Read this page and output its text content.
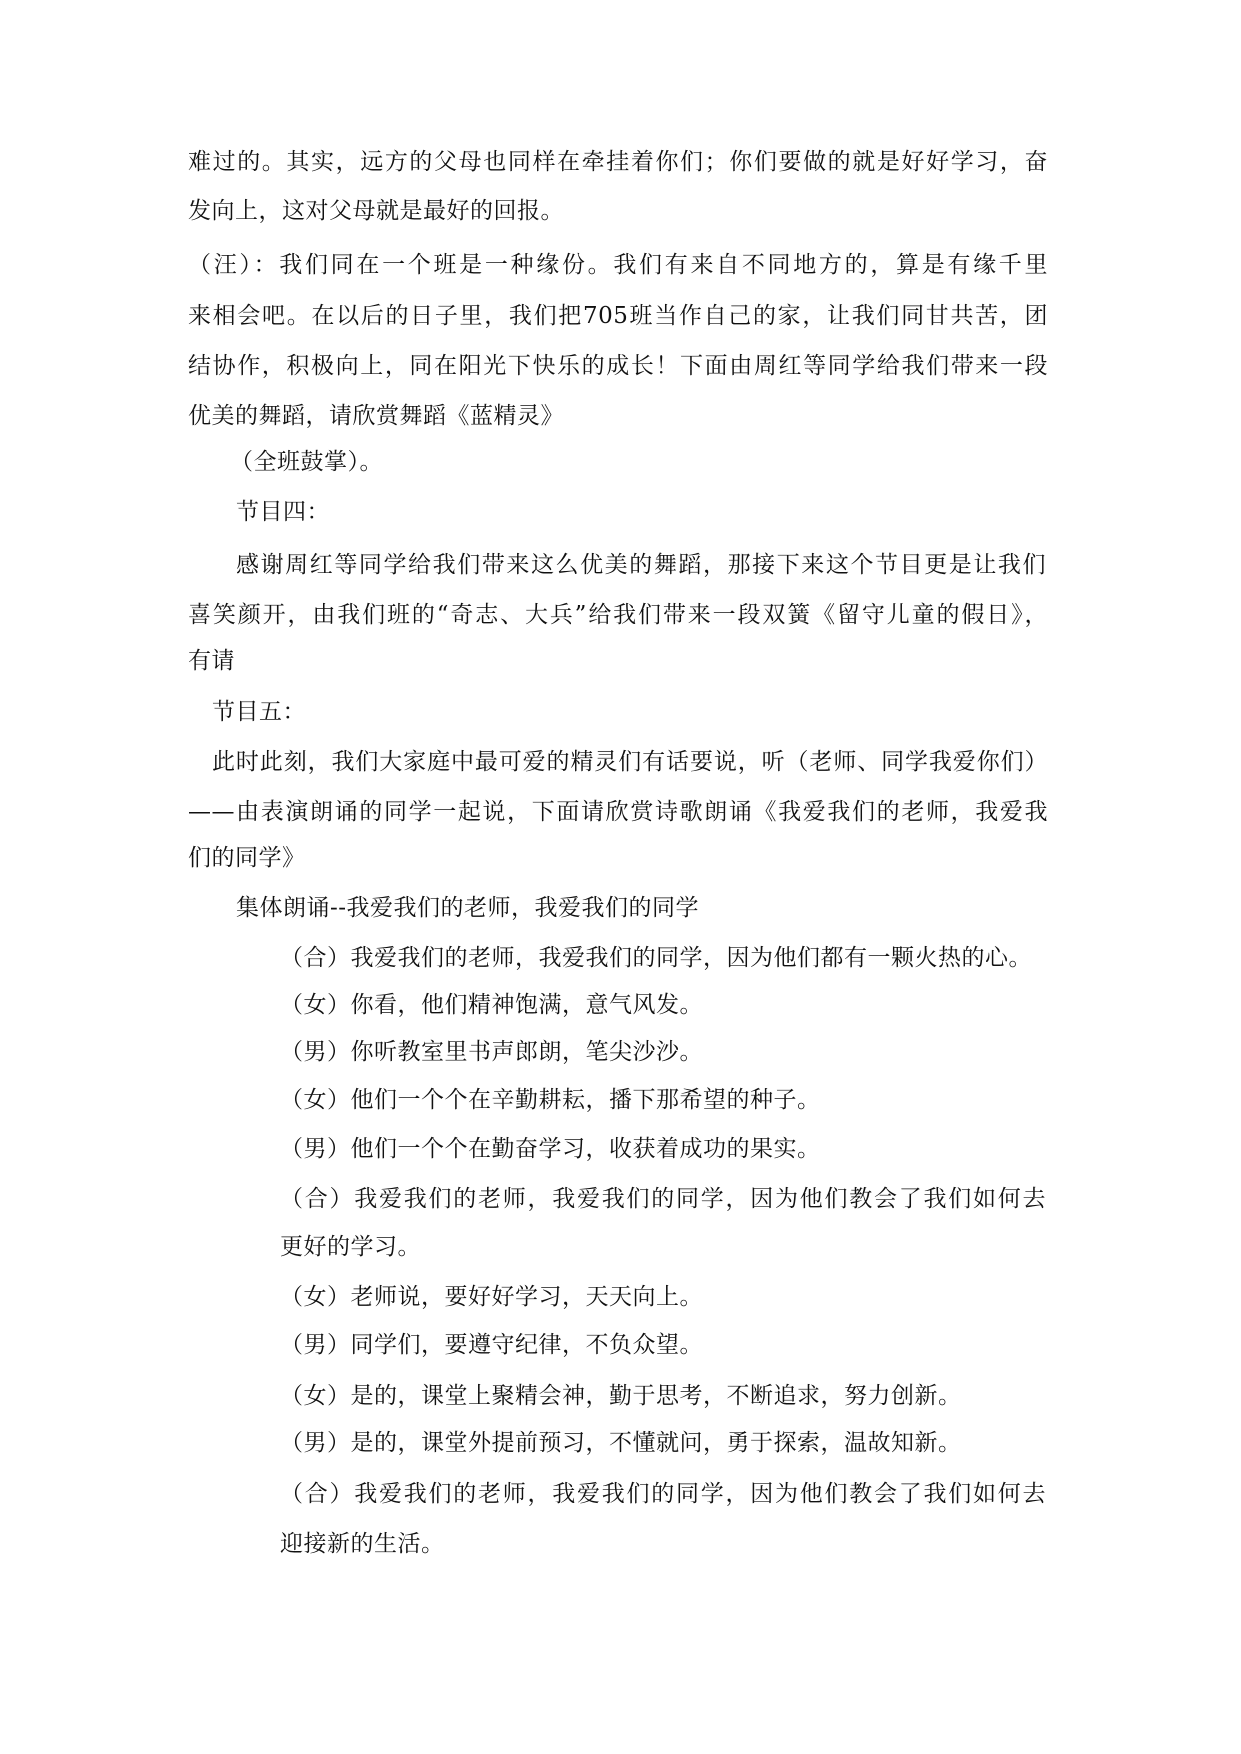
难过的。其实，远方的父母也同样在牵挂着你们；你们要做的就是好好学习，奋
发向上，这对父母就是最好的回报。
（汪）：我们同在一个班是一种缘份。我们有来自不同地方的，算是有缘千里
来相会吧。在以后的日子里，我们把705班当作自己的家，让我们同甘共苦，团
结协作，积极向上，同在阳光下快乐的成长！下面由周红等同学给我们带来一段
优美的舞蹈，请欣赏舞蹈《蓝精灵》
（全班鼓掌）。
节目四：
感谢周红等同学给我们带来这么优美的舞蹈，那接下来这个节目更是让我们
喜笑颜开，由我们班的“奇志、大兵”给我们带来一段双簧《留守儿童的假日》，
有请
节目五：
此时此刻，我们大家庭中最可爱的精灵们有话要说，听（老师、同学我爱你们）
——由表演朗诵的同学一起说，下面请欣赏诗歌朗诵《我爱我们的老师，我爱我
们的同学》
集体朗诵--我爱我们的老师，我爱我们的同学
（合）我爱我们的老师，我爱我们的同学，因为他们都有一颗火热的心。
（女）你看，他们精神饱满，意气风发。
（男）你听教室里书声郎朗，笔尖沙沙。
（女）他们一个个在辛勤耕耘，播下那希望的种子。
（男）他们一个个在勤奋学习，收获着成功的果实。
（合）我爱我们的老师，我爱我们的同学，因为他们教会了我们如何去
更好的学习。
（女）老师说，要好好学习，天天向上。
（男）同学们，要遵守纪律，不负众望。
（女）是的，课堂上聚精会神，勤于思考，不断追求，努力创新。
（男）是的，课堂外提前预习，不懂就问，勇于探索，温故知新。
（合）我爱我们的老师，我爱我们的同学，因为他们教会了我们如何去
迎接新的生活。
